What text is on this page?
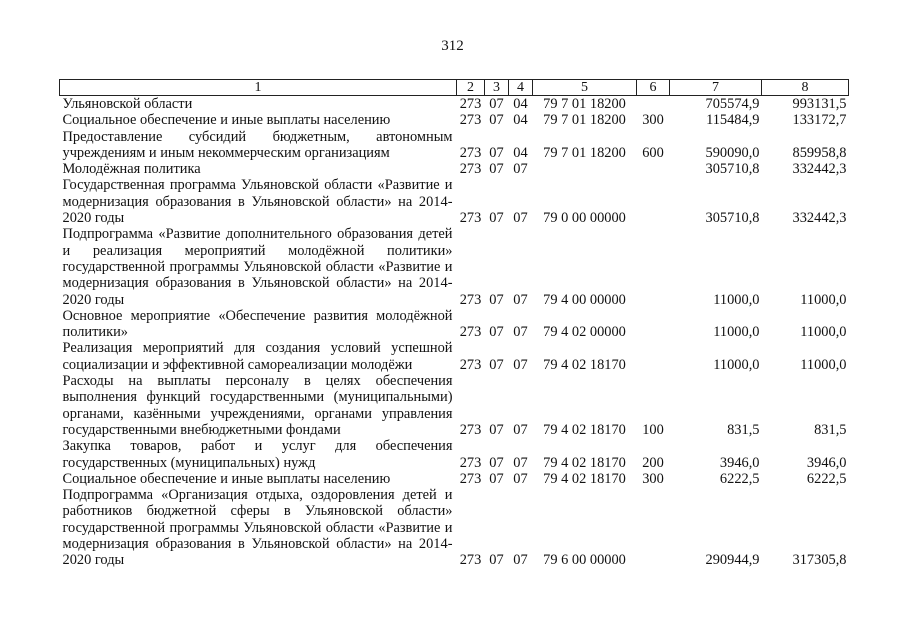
312
1	2	3	4	5	6	7	8

Ульяновской области	273	07	04	79 7 01 18200		705574,9	993131,5

Социальное обеспечение и иные выплаты населению	273	07	04	79 7 01 18200	300	115484,9	133172,7

Предоставление субсидий бюджетным, автономным учреждениям и иным некоммерческим организациям	273	07	04	79 7 01 18200	600	590090,0	859958,8

Молодёжная политика	273	07	07			305710,8	332442,3

Государственная программа Ульяновской области «Развитие и модернизация образования в Ульяновской области» на 2014-2020 годы	273	07	07	79 0 00 00000		305710,8	332442,3

Подпрограмма «Развитие дополнительного образования детей и реализация мероприятий молодёжной политики» государственной программы Ульяновской области «Развитие и модернизация образования в Ульяновской области» на 2014-2020 годы	273	07	07	79 4 00 00000		11000,0	11000,0

Основное мероприятие «Обеспечение развития молодёжной политики»	273	07	07	79 4 02 00000		11000,0	11000,0

Реализация мероприятий для создания условий успешной социализации и эффективной самореализации молодёжи	273	07	07	79 4 02 18170		11000,0	11000,0

Расходы на выплаты персоналу в целях обеспечения выполнения функций государственными (муниципальными) органами, казёнными учреждениями, органами управления государственными внебюджетными фондами	273	07	07	79 4 02 18170	100	831,5	831,5

Закупка товаров, работ и услуг для обеспечения государственных (муниципальных) нужд	273	07	07	79 4 02 18170	200	3946,0	3946,0

Социальное обеспечение и иные выплаты населению	273	07	07	79 4 02 18170	300	6222,5	6222,5

Подпрограмма «Организация отдыха, оздоровления детей и работников бюджетной сферы в Ульяновской области» государственной программы Ульяновской области «Развитие и модернизация образования в Ульяновской области» на 2014-2020 годы	273	07	07	79 6 00 00000		290944,9	317305,8
